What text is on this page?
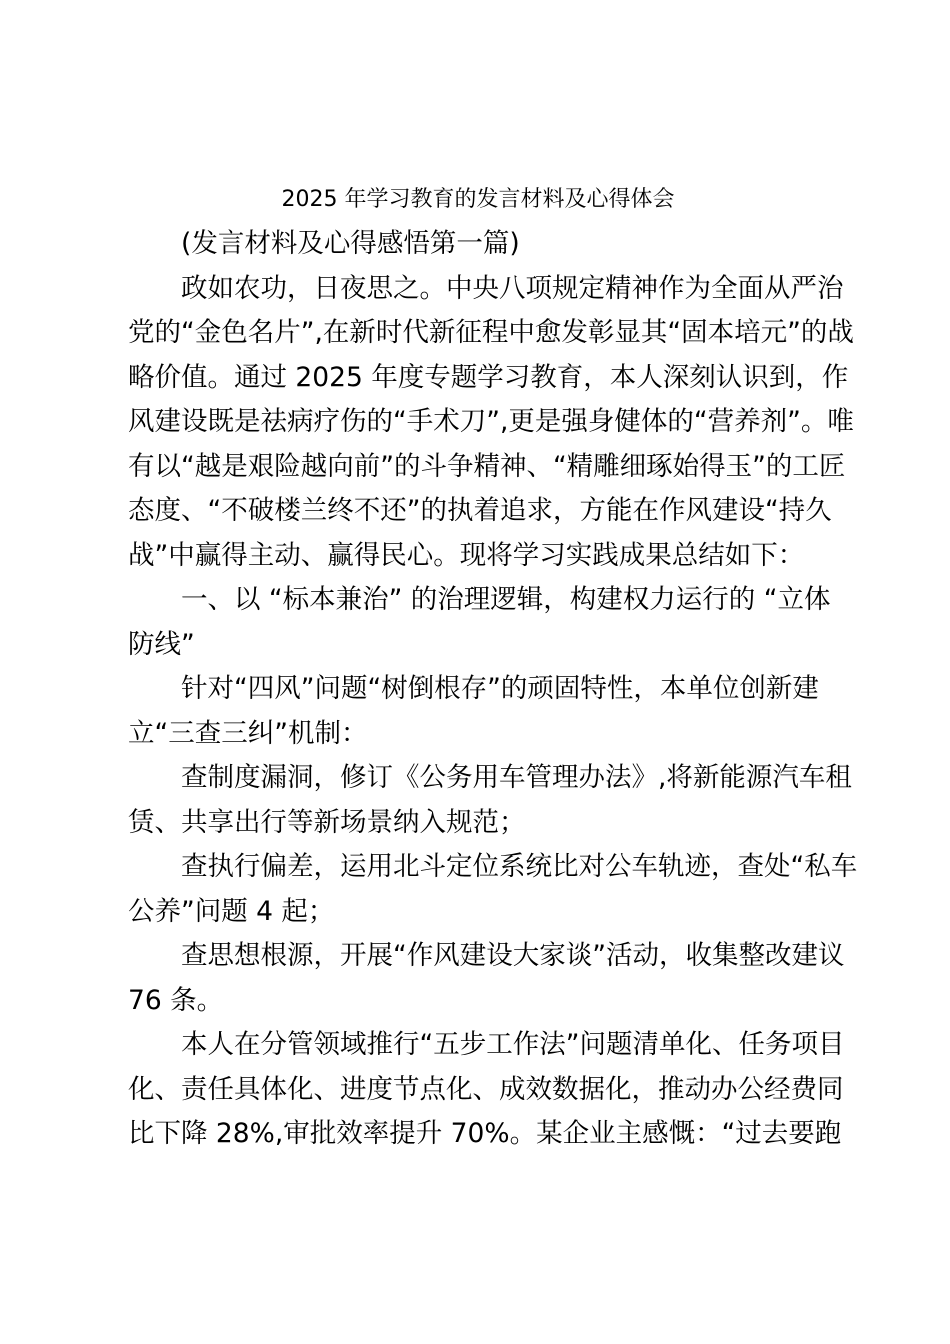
2025 年学习教育的发言材料及心得体会

(发言材料及心得感悟第一篇)

政如农功，日夜思之。中央八项规定精神作为全面从严治
党的“金色名片”,在新时代新征程中愈发彰显其“固本培元”的战
略价值。通过 2025 年度专题学习教育，本人深刻认识到，作
风建设既是祛病疗伤的“手术刀”,更是强身健体的“营养剂”。唯
有以“越是艰险越向前”的斗争精神、“精雕细琢始得玉”的工匠
态度、“不破楼兰终不还”的执着追求，方能在作风建设“持久
战”中赢得主动、赢得民心。现将学习实践成果总结如下：
一、以 “标本兼治” 的治理逻辑，构建权力运行的 “立体
防线”
针对“四风”问题“树倒根存”的顽固特性，本单位创新建
立“三查三纠”机制：
查制度漏洞，修订《公务用车管理办法》,将新能源汽车租
赁、共享出行等新场景纳入规范；
查执行偏差，运用北斗定位系统比对公车轨迹，查处“私车
公养”问题 4 起；
查思想根源，开展“作风建设大家谈”活动，收集整改建议
76 条。
本人在分管领域推行“五步工作法”问题清单化、任务项目
化、责任具体化、进度节点化、成效数据化，推动办公经费同
比下降 28%,审批效率提升 70%。某企业主感慨：“过去要跑
